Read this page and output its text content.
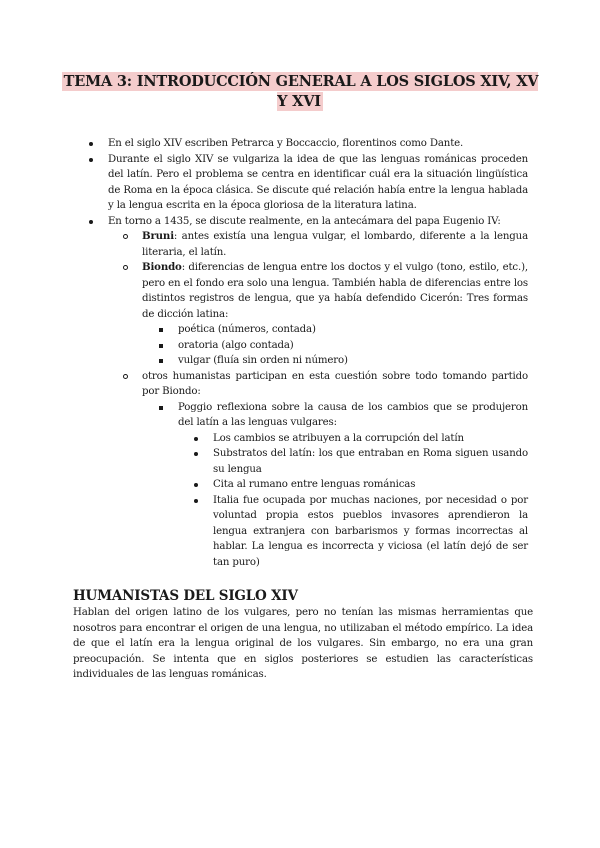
TEMA 3: INTRODUCCIÓN GENERAL A LOS SIGLOS XIV, XV Y XVI
En el siglo XIV escriben Petrarca y Boccaccio, florentinos como Dante.
Durante el siglo XIV se vulgariza la idea de que las lenguas románicas proceden del latín. Pero el problema se centra en identificar cuál era la situación lingüística de Roma en la época clásica. Se discute qué relación había entre la lengua hablada y la lengua escrita en la época gloriosa de la literatura latina.
En torno a 1435, se discute realmente, en la antecámara del papa Eugenio IV:
Bruni: antes existía una lengua vulgar, el lombardo, diferente a la lengua literaria, el latín.
Biondo: diferencias de lengua entre los doctos y el vulgo (tono, estilo, etc.), pero en el fondo era solo una lengua. También habla de diferencias entre los distintos registros de lengua, que ya había defendido Cicerón: Tres formas de dicción latina:
poética (números, contada)
oratoria (algo contada)
vulgar (fluía sin orden ni número)
otros humanistas participan en esta cuestión sobre todo tomando partido por Biondo:
Poggio reflexiona sobre la causa de los cambios que se produjeron del latín a las lenguas vulgares:
Los cambios se atribuyen a la corrupción del latín
Substratos del latín: los que entraban en Roma siguen usando su lengua
Cita al rumano entre lenguas románicas
Italia fue ocupada por muchas naciones, por necesidad o por voluntad propia estos pueblos invasores aprendieron la lengua extranjera con barbarismos y formas incorrectas al hablar. La lengua es incorrecta y viciosa (el latín dejó de ser tan puro)
HUMANISTAS DEL SIGLO XIV
Hablan del origen latino de los vulgares, pero no tenían las mismas herramientas que nosotros para encontrar el origen de una lengua, no utilizaban el método empírico. La idea de que el latín era la lengua original de los vulgares. Sin embargo, no era una gran preocupación. Se intenta que en siglos posteriores se estudien las características individuales de las lenguas románicas.
